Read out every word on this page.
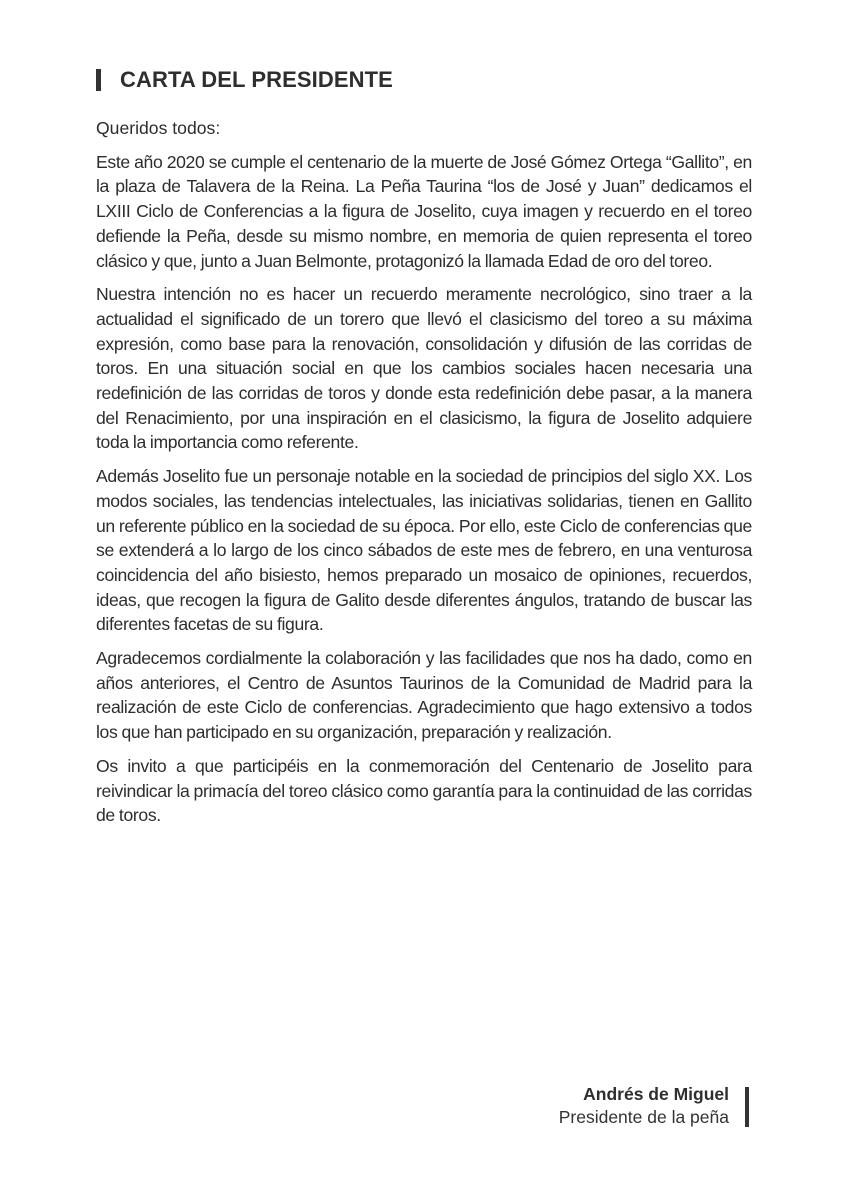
CARTA DEL PRESIDENTE

Queridos todos:

Este año 2020 se cumple el centenario de la muerte de José Gómez Ortega “Gallito”, en la plaza de Talavera de la Reina. La Peña Taurina “los de José y Juan” dedicamos el LXIII Ciclo de Conferencias a la figura de Joselito, cuya imagen y recuerdo en el toreo defiende la Peña, desde su mismo nombre, en memoria de quien representa el toreo clásico y que, junto a Juan Belmonte, protagonizó la llamada Edad de oro del toreo.

Nuestra intención no es hacer un recuerdo meramente necrológico, sino traer a la actualidad el significado de un torero que llevó el clasicismo del toreo a su máxima expresión, como base para la renovación, consolidación y difusión de las corridas de toros. En una situación social en que los cambios sociales hacen necesaria una redefinición de las corridas de toros y donde esta redefinición debe pasar, a la manera del Renacimiento, por una inspiración en el clasicismo, la figura de Joselito adquiere toda la importancia como referente.

Además Joselito fue un personaje notable en la sociedad de principios del siglo XX. Los modos sociales, las tendencias intelectuales, las iniciativas solidarias, tienen en Gallito un referente público en la sociedad de su época. Por ello, este Ciclo de conferencias que se extenderá a lo largo de los cinco sábados de este mes de febrero, en una venturosa coincidencia del año bisiesto, hemos preparado un mosaico de opiniones, recuerdos, ideas, que recogen la figura de Galito desde diferentes ángulos, tratando de buscar las diferentes facetas de su figura.

Agradecemos cordialmente la colaboración y las facilidades que nos ha dado, como en años anteriores, el Centro de Asuntos Taurinos de la Comunidad de Madrid para la realización de este Ciclo de conferencias. Agradecimiento que hago extensivo a todos los que han participado en su organización, preparación y realización.

Os invito a que participéis en la conmemoración del Centenario de Joselito para reivindicar la primacía del toreo clásico como garantía para la continuidad de las corridas de toros.

Andrés de Miguel
Presidente de la peña
